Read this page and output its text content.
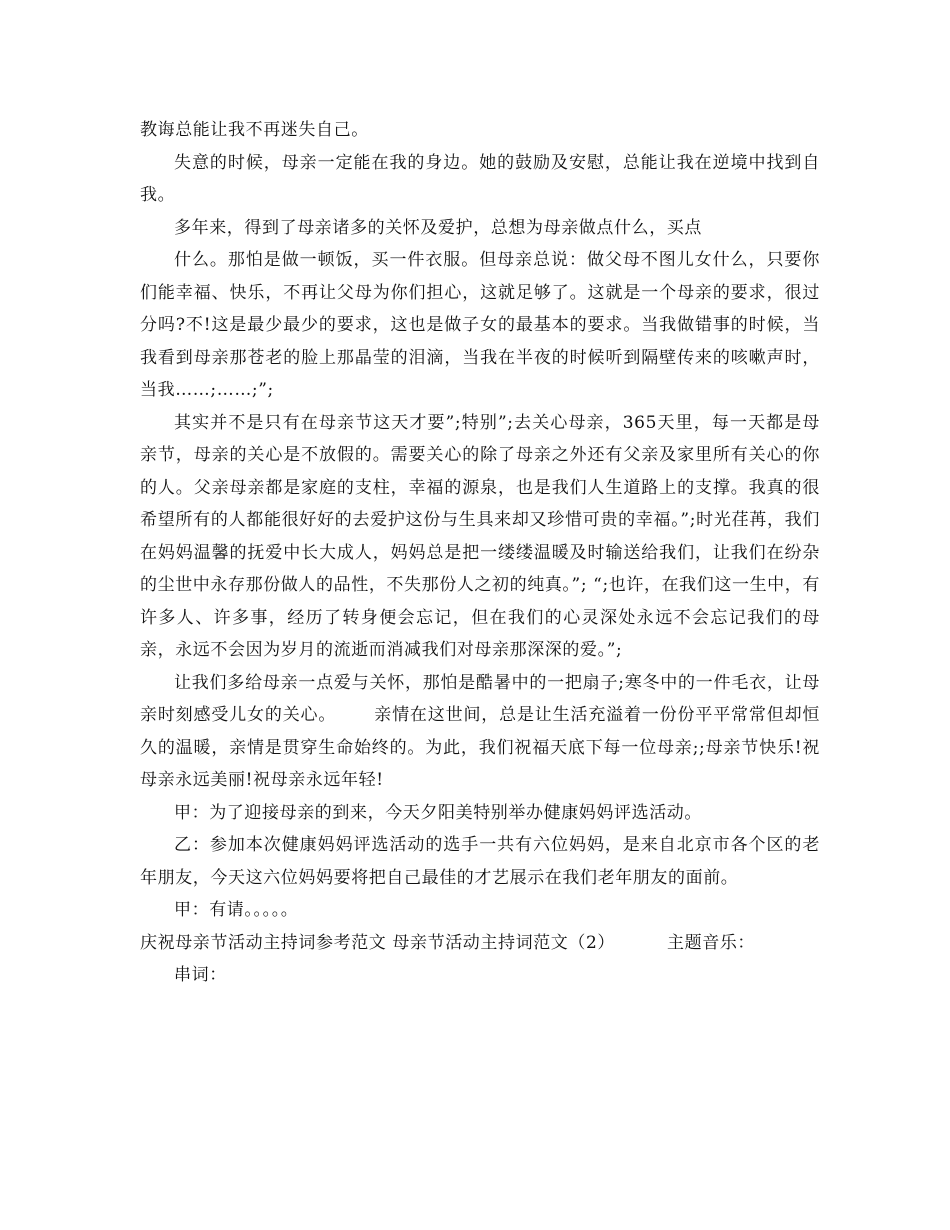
教诲总能让我不再迷失自己。

失意的时候，母亲一定能在我的身边。她的鼓励及安慰，总能让我在逆境中找到自我。

多年来，得到了母亲诸多的关怀及爱护，总想为母亲做点什么，买点

什么。那怕是做一顿饭，买一件衣服。但母亲总说：做父母不图儿女什么，只要你们能幸福、快乐，不再让父母为你们担心，这就足够了。这就是一个母亲的要求，很过分吗?不!这是最少最少的要求，这也是做子女的最基本的要求。当我做错事的时候，当我看到母亲那苍老的脸上那晶莹的泪滴，当我在半夜的时候听到隔壁传来的咳嗽声时，当我……;……;”;

其实并不是只有在母亲节这天才要”;特别”;去关心母亲，365天里，每一天都是母亲节，母亲的关心是不放假的。需要关心的除了母亲之外还有父亲及家里所有关心的你的人。父亲母亲都是家庭的支柱，幸福的源泉，也是我们人生道路上的支撑。我真的很希望所有的人都能很好好的去爱护这份与生具来却又珍惜可贵的幸福。”;时光荏苒，我们在妈妈温馨的抚爱中长大成人，妈妈总是把一缕缕温暖及时输送给我们，让我们在纷杂的尘世中永存那份做人的品性，不失那份人之初的纯真。”; “;也许，在我们这一生中，有许多人、许多事，经历了转身便会忘记，但在我们的心灵深处永远不会忘记我们的母亲，永远不会因为岁月的流逝而消减我们对母亲那深深的爱。”;

让我们多给母亲一点爱与关怀，那怕是酷暑中的一把扇子;寒冬中的一件毛衣，让母亲时刻感受儿女的关心。 亲情在这世间，总是让生活充溢着一份份平平常常但却恒久的温暖，亲情是贯穿生命始终的。为此，我们祝福天底下每一位母亲;;母亲节快乐!祝母亲永远美丽!祝母亲永远年轻!

甲：为了迎接母亲的到来，今天夕阳美特别举办健康妈妈评选活动。

乙：参加本次健康妈妈评选活动的选手一共有六位妈妈，是来自北京市各个区的老年朋友，今天这六位妈妈要将把自己最佳的才艺展示在我们老年朋友的面前。

甲：有请。。。。。

庆祝母亲节活动主持词参考范文 母亲节活动主持词范文（2）	主题音乐：

串词：
